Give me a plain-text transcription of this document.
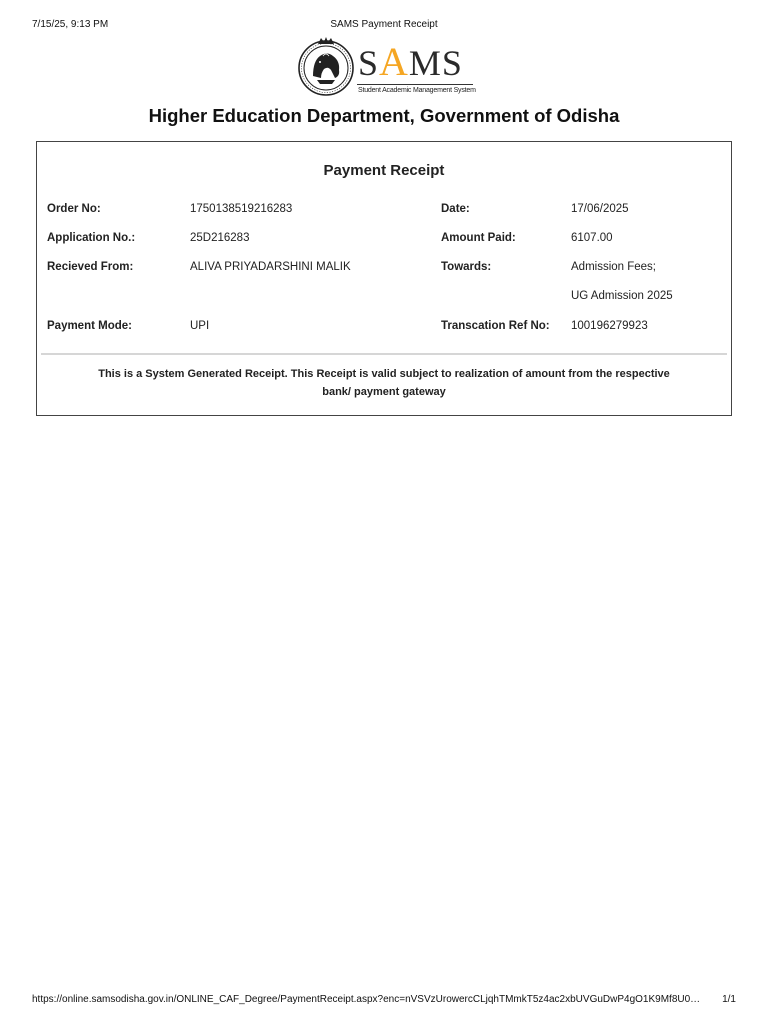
SAMS Payment Receipt
7/15/25, 9:13 PM
SAMS
Student Academic Management System
Higher Education Department, Government of Odisha
Payment Receipt
Order No:	1750138519216283	Date:	17/06/2025
Application No.:	25D216283	Amount Paid:	6107.00
Recieved From:	ALIVA PRIYADARSHINI MALIK	Towards:	Admission Fees;
UG Admission 2025
Payment Mode:	UPI	Transcation Ref No: 100196279923
This is a System Generated Receipt. This Receipt is valid subject to realization of amount from the respective
bank/ payment gateway
https://online.samsodisha.gov.in/ONLINE_CAF_Degree/PaymentReceipt.aspx?enc=nVSVzUrowercCLjqhTMmkT5z4ac2xbUVGuDwP4gO1K9Mf8U0… 1/1
